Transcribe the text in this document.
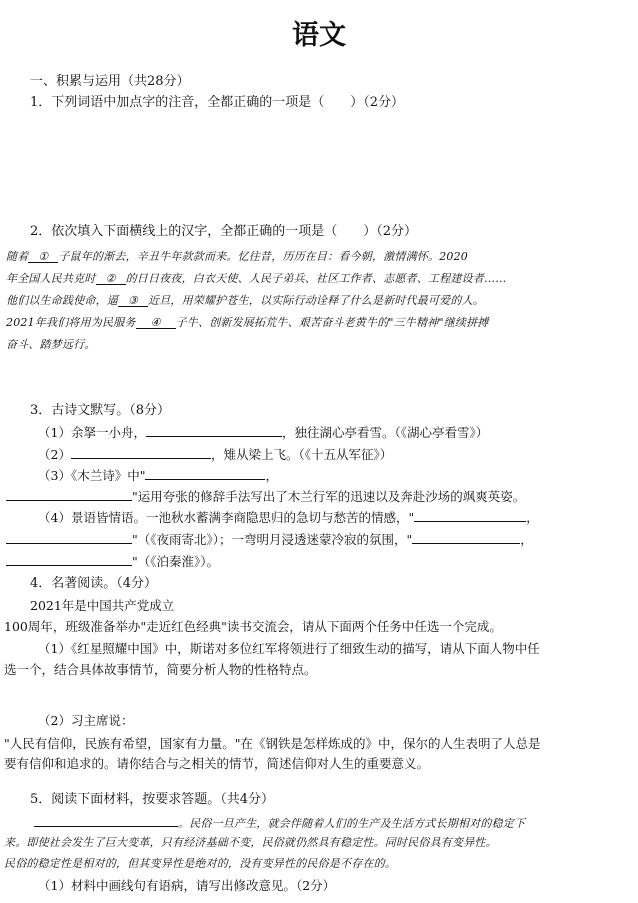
语文
一、积累与运用（共28分）
1．下列词语中加点字的注音，全都正确的一项是（　　）（2分）
2．依次填入下面横线上的汉字，全都正确的一项是（　　）（2分）
随着 ① 子鼠年的渐去，辛丑牛年款款而来。忆往昔，历历在目：看今朝，激情满怀。2020
年全国人民共克时 ② 的日日夜夜，白衣天使、人民子弟兵、社区工作者、志愿者、工程建设者……
他们以生命践使命，逼 ③ 近旦，用荣耀护苍生，以实际行动诠释了什么是新时代最可爱的人。
2021年我们将用为民服务 ④ 子牛、创新发展拓荒牛、艰苦奋斗老黄牛的"三牛精神"继续拼搏
奋斗、踏梦远行。
3．古诗文默写。（8分）
（1）余拏一小舟，	，独往湖心亭看雪。（《湖心亭看雪》）
（2）	，雉从梁上飞。（《十五从军征》）
（3）《木兰诗》中"	，
"运用夸张的修辞手法写出了木兰行军的迅速以及奔赴沙场的飒爽英姿。
（4）景语皆情语。一池秋水蓄满李商隐思归的急切与愁苦的情感，"	，
"（《夜雨寄北》）；一弯明月浸透迷蒙冷寂的氛围，"	，
"（《泊秦淮》）。
4．名著阅读。（4分）
2021年是中国共产党成立
100周年，班级准备举办"走近红色经典"读书交流会，请从下面两个任务中任选一个完成。
（1）《红星照耀中国》中，斯诺对多位红军将领进行了细致生动的描写，请从下面人物中任
选一个，结合具体故事情节，简要分析人物的性格特点。
（2）习主席说：
"人民有信仰，民族有希望，国家有力量。"在《钢铁是怎样炼成的》中，保尔的人生表明了人总是
要有信仰和追求的。请你结合与之相关的情节，简述信仰对人生的重要意义。
5．阅读下面材料，按要求答题。（共4分）
。民俗一旦产生，就会伴随着人们的生产及生活方式长期相对的稳定下
来。即使社会发生了巨大变革，只有经济基础不变，民俗就仍然具有稳定性。同时民俗具有变异性。
民俗的稳定性是相对的，但其变异性是绝对的，没有变异性的民俗是不存在的。
（1）材料中画线句有语病，请写出修改意见。（2分）
